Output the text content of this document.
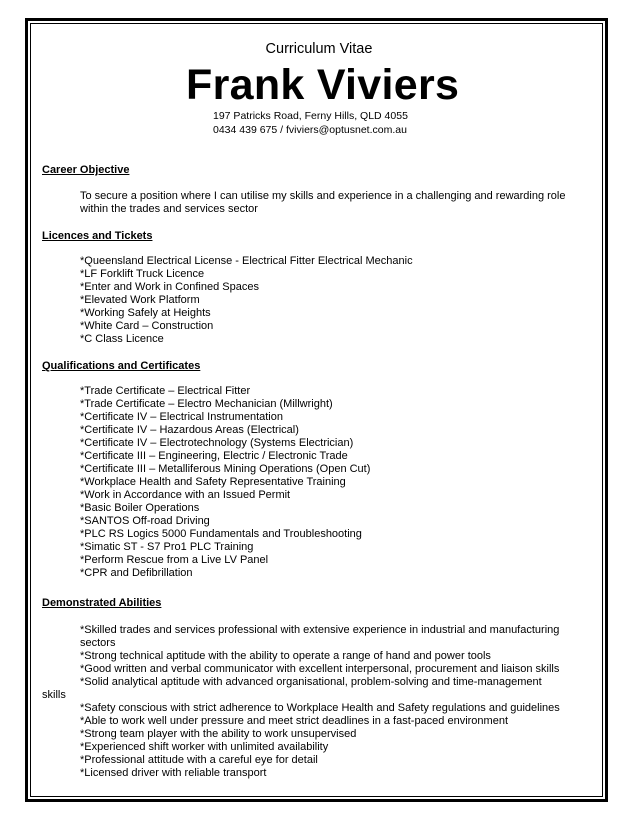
Curriculum Vitae
Frank Viviers
197 Patricks Road, Ferny Hills, QLD 4055
0434 439 675 / fviviers@optusnet.com.au
Career Objective
To secure a position where I can utilise my skills and experience in a challenging and rewarding role
within the trades and services sector
Licences and Tickets
*Queensland Electrical License - Electrical Fitter Electrical Mechanic
*LF Forklift Truck Licence
*Enter and Work in Confined Spaces
*Elevated Work Platform
*Working Safely at Heights
*White Card – Construction
*C Class Licence
Qualifications and Certificates
*Trade Certificate – Electrical Fitter
*Trade Certificate – Electro Mechanician (Millwright)
*Certificate IV – Electrical Instrumentation
*Certificate IV – Hazardous Areas (Electrical)
*Certificate IV – Electrotechnology (Systems Electrician)
*Certificate III – Engineering, Electric / Electronic Trade
*Certificate III – Metalliferous Mining Operations (Open Cut)
*Workplace Health and Safety Representative Training
*Work in Accordance with an Issued Permit
*Basic Boiler Operations
*SANTOS Off-road Driving
*PLC RS Logics 5000 Fundamentals and Troubleshooting
*Simatic ST - S7 Pro1 PLC Training
*Perform Rescue from a Live LV Panel
*CPR and Defibrillation
Demonstrated Abilities
*Skilled trades and services professional with extensive experience in industrial and manufacturing
sectors
*Strong technical aptitude with the ability to operate a range of hand and power tools
*Good written and verbal communicator with excellent interpersonal, procurement and liaison skills
*Solid analytical aptitude with advanced organisational, problem-solving and time-management
skills
*Safety conscious with strict adherence to Workplace Health and Safety regulations and guidelines
*Able to work well under pressure and meet strict deadlines in a fast-paced environment
*Strong team player with the ability to work unsupervised
*Experienced shift worker with unlimited availability
*Professional attitude with a careful eye for detail
*Licensed driver with reliable transport
